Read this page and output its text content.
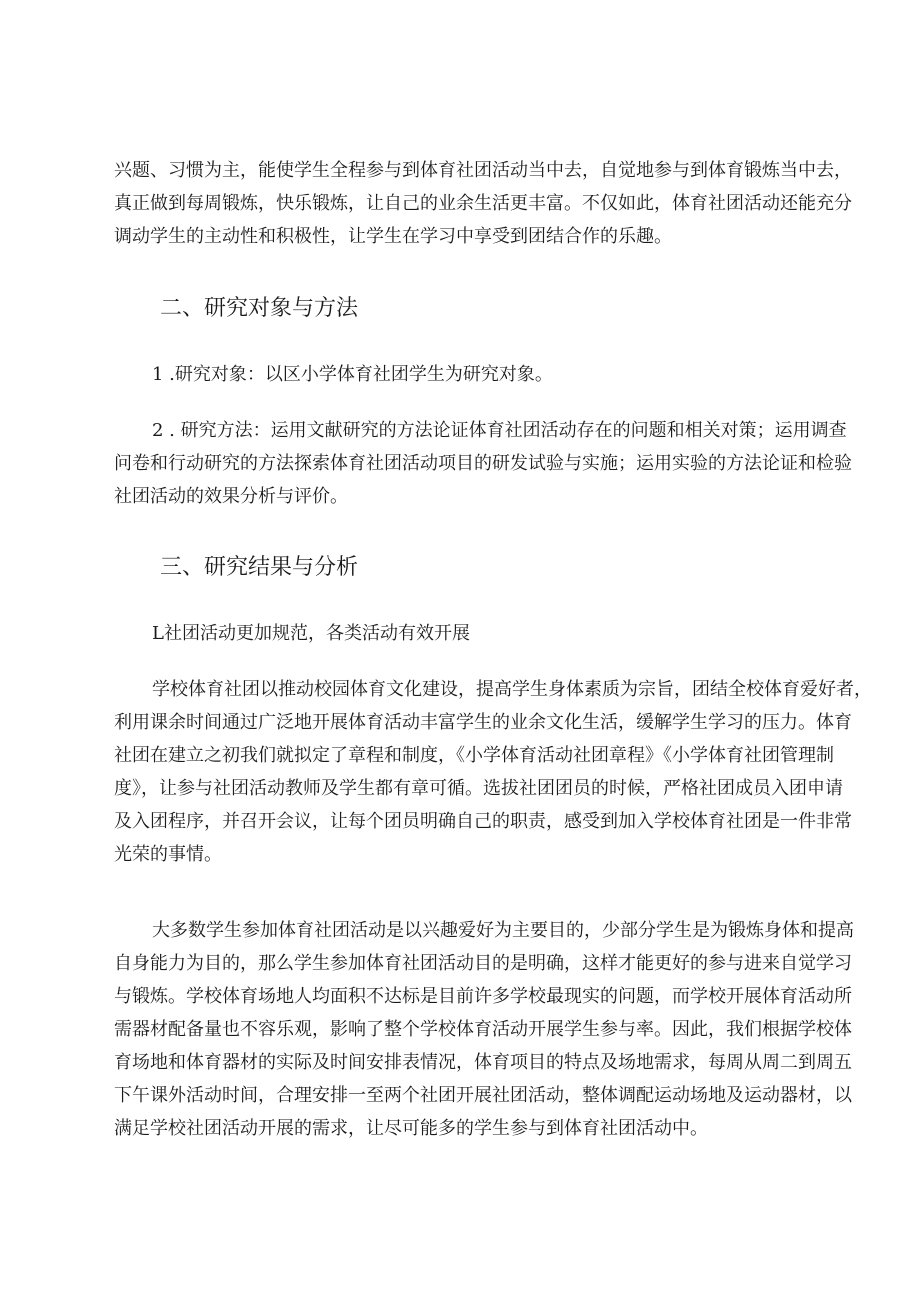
兴题、习惯为主，能使学生全程参与到体育社团活动当中去，自觉地参与到体育锻炼当中去，
真正做到每周锻炼，快乐锻炼，让自己的业余生活更丰富。不仅如此，体育社团活动还能充分
调动学生的主动性和积极性，让学生在学习中享受到团结合作的乐趣。
二、研究对象与方法

1 .研究对象：以区小学体育社团学生为研究对象。

2 . 研究方法：运用文献研究的方法论证体育社团活动存在的问题和相关对策；运用调查
问卷和行动研究的方法探索体育社团活动项目的研发试验与实施；运用实验的方法论证和检验
社团活动的效果分析与评价。
三、研究结果与分析

L社团活动更加规范，各类活动有效开展

学校体育社团以推动校园体育文化建设，提高学生身体素质为宗旨，团结全校体育爱好者，
利用课余时间通过广泛地开展体育活动丰富学生的业余文化生活，缓解学生学习的压力。体育
社团在建立之初我们就拟定了章程和制度，《小学体育活动社团章程》《小学体育社团管理制
度》，让参与社团活动教师及学生都有章可循。选拔社团团员的时候，严格社团成员入团申请
及入团程序，并召开会议，让每个团员明确自己的职责，感受到加入学校体育社团是一件非常
光荣的事情。
大多数学生参加体育社团活动是以兴趣爱好为主要目的，少部分学生是为锻炼身体和提高
自身能力为目的，那么学生参加体育社团活动目的是明确，这样才能更好的参与进来自觉学习
与锻炼。学校体育场地人均面积不达标是目前许多学校最现实的问题，而学校开展体育活动所
需器材配备量也不容乐观，影响了整个学校体育活动开展学生参与率。因此，我们根据学校体
育场地和体育器材的实际及时间安排表情况，体育项目的特点及场地需求，每周从周二到周五
下午课外活动时间，合理安排一至两个社团开展社团活动，整体调配运动场地及运动器材，以
满足学校社团活动开展的需求，让尽可能多的学生参与到体育社团活动中。
